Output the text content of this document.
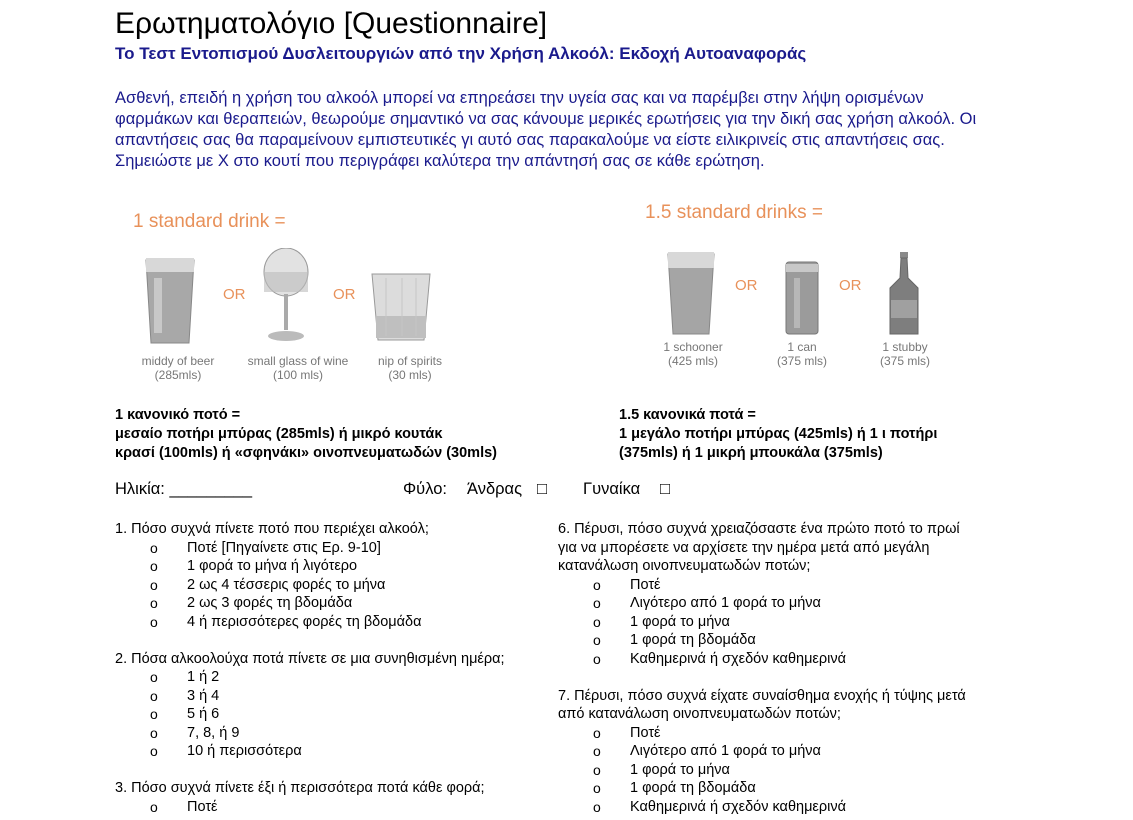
Ερωτηματολόγιο [Questionnaire]
Το Τεστ Εντοπισμού Δυσλειτουργιών από την Χρήση Αλκοόλ: Εκδοχή Αυτοαναφοράς

Ασθενή, επειδή η χρήση του αλκοόλ μπορεί να επηρεάσει την υγεία σας και να παρέμβει στην λήψη ορισμένων φαρμάκων και θεραπειών, θεωρούμε σημαντικό να σας κάνουμε μερικές ερωτήσεις για την δική σας χρήση αλκοόλ. Οι απαντήσεις σας θα παραμείνουν εμπιστευτικές γι αυτό σας παρακαλούμε να είστε ειλικρινείς στις απαντήσεις σας.

Σημειώστε με Χ στο κουτί που περιγράφει καλύτερα την απάντησή σας σε κάθε ερώτηση.

1 standard drink =
OR	OR
middy of beer
(285mls)
small glass of wine
(100 mls)
nip of spirits
(30 mls)
1.5 standard drinks =
OR	OR
1 schooner
(425 mls)
1 can
(375 mls)
1 stubby
(375 mls)
1 κανονικό ποτό =
μεσαίο ποτήρι μπύρας (285mls) ή μικρό κουτάκ
κρασί (100mls) ή «σφηνάκι» οινοπνευματωδών (30mls)
1.5 κανονικά ποτά =
1 μεγάλο ποτήρι μπύρας (425mls) ή 1 ι ποτήρι
(375mls) ή 1 μικρή μπουκάλα (375mls)
Ηλικία: _________	Φύλο: Άνδρας □ Γυναίκα □

1. Πόσο συχνά πίνετε ποτό που περιέχει αλκοόλ;

o Ποτέ [Πηγαίνετε στις Ερ. 9-10]
o 1 φορά το μήνα ή λιγότερο
o 2 ως 4 τέσσερις φορές το μήνα
o 2 ως 3 φορές τη βδομάδα
o 4 ή περισσότερες φορές τη βδομάδα

2. Πόσα αλκοολούχα ποτά πίνετε σε μια συνηθισμένη ημέρα;

o 1 ή 2
o 3 ή 4
o 5 ή 6
o 7, 8, ή 9
o 10 ή περισσότερα

3. Πόσο συχνά πίνετε έξι ή περισσότερα ποτά κάθε φορά;

o Ποτέ

6. Πέρυσι, πόσο συχνά χρειαζόσαστε ένα πρώτο ποτό το πρωί για να μπορέσετε να αρχίσετε την ημέρα μετά από μεγάλη κατανάλωση οινοπνευματωδών ποτών;

o Ποτέ
o Λιγότερο από 1 φορά το μήνα
o 1 φορά το μήνα
o 1 φορά τη βδομάδα
o Καθημερινά ή σχεδόν καθημερινά

7. Πέρυσι, πόσο συχνά είχατε συναίσθημα ενοχής ή τύψης μετά από κατανάλωση οινοπνευματωδών ποτών;

o Ποτέ
o Λιγότερο από 1 φορά το μήνα
o 1 φορά το μήνα
o 1 φορά τη βδομάδα
o Καθημερινά ή σχεδόν καθημερινά
